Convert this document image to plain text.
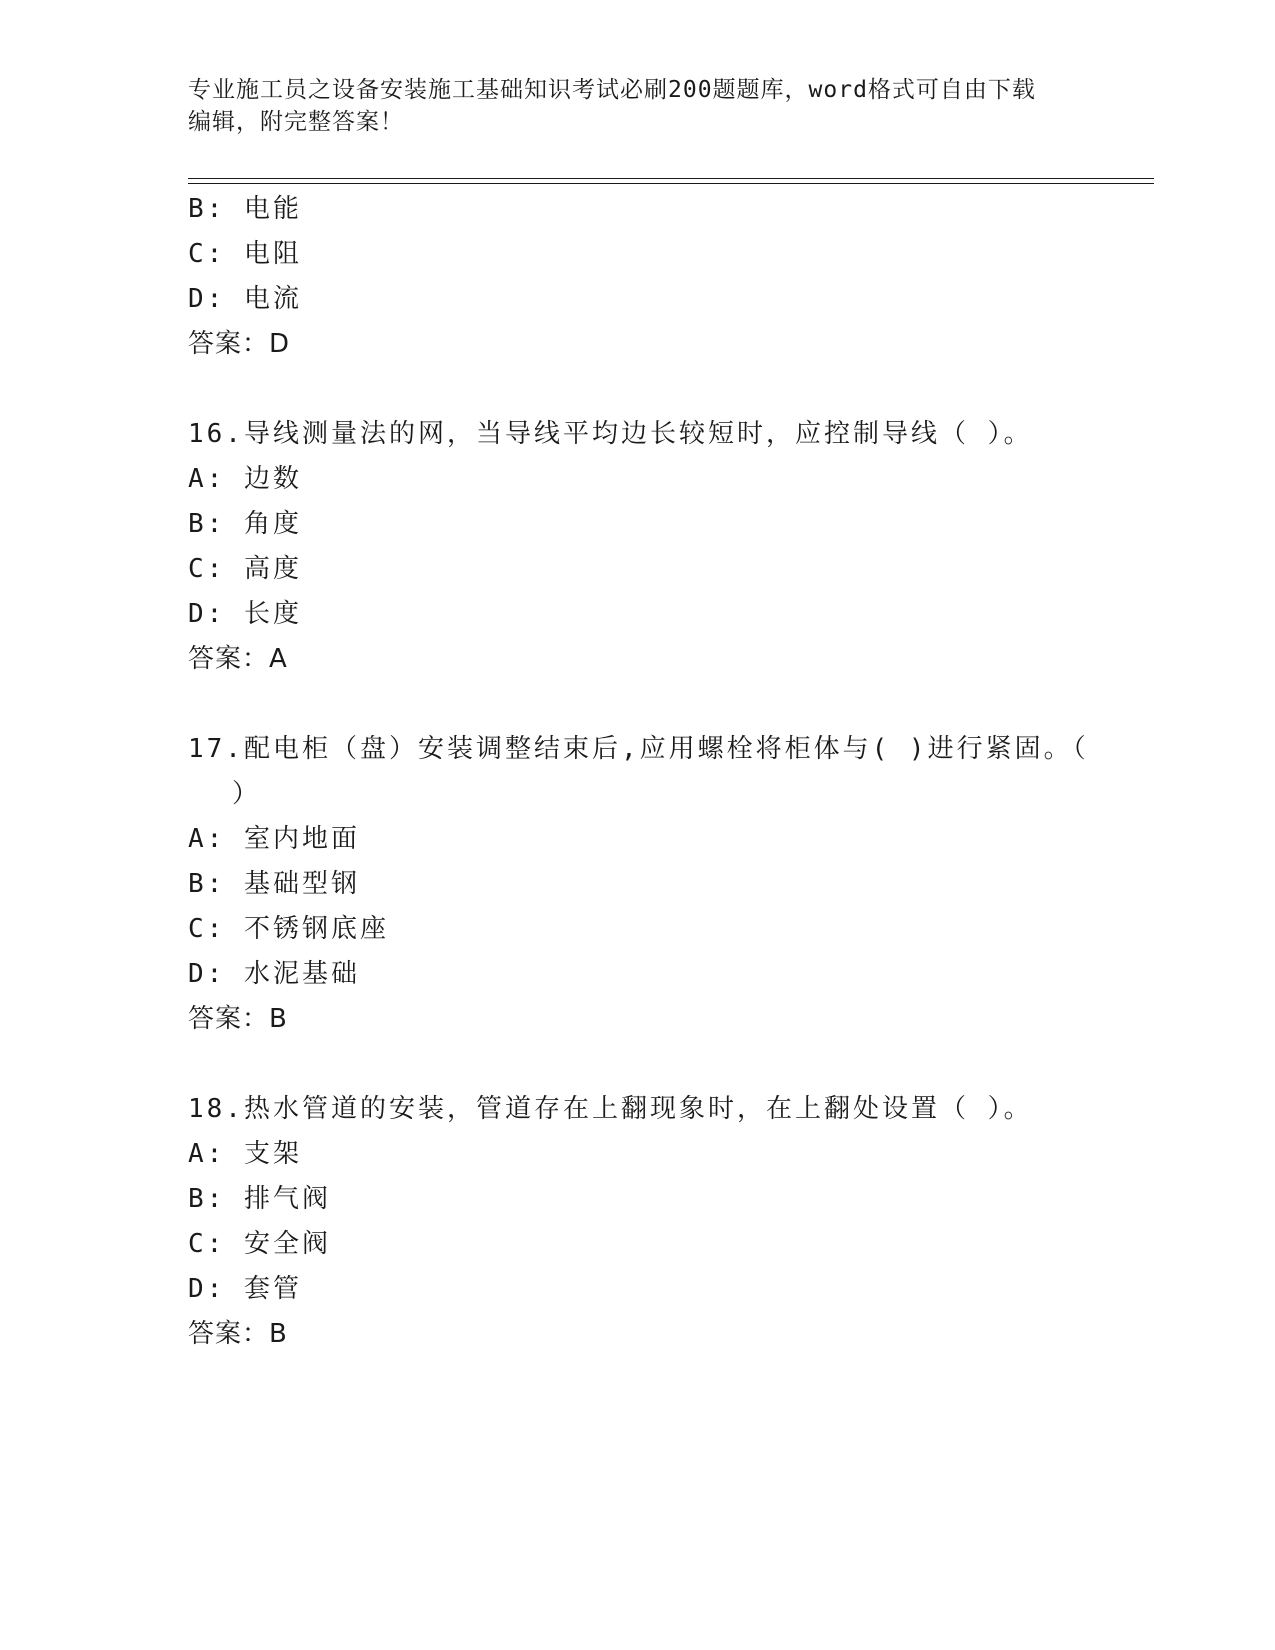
专业施工员之设备安装施工基础知识考试必刷200题题库，word格式可自由下载
编辑，附完整答案！
B: 电能
C: 电阻
D: 电流
答案：D
16.导线测量法的网，当导线平均边长较短时，应控制导线（ ）。
A: 边数
B: 角度
C: 高度
D: 长度
答案：A
17.配电柜（盘）安装调整结束后,应用螺栓将柜体与( )进行紧固。（
）
A: 室内地面
B: 基础型钢
C: 不锈钢底座
D: 水泥基础
答案：B
18.热水管道的安装，管道存在上翻现象时，在上翻处设置（ ）。
A: 支架
B: 排气阀
C: 安全阀
D: 套管
答案：B
